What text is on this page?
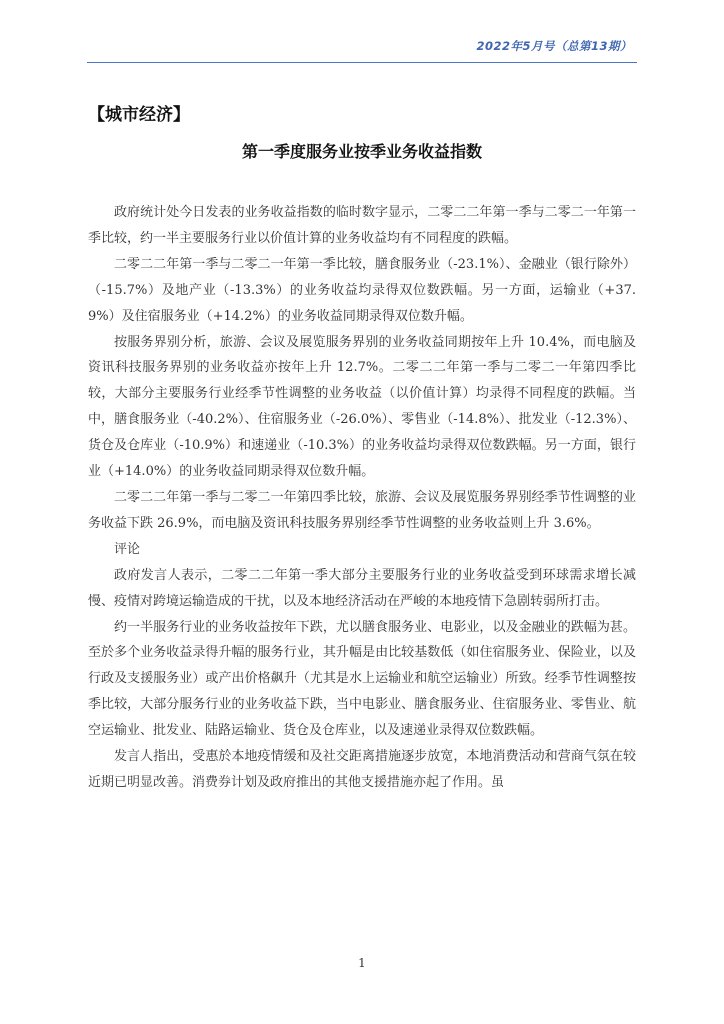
2022年5月号（总第13期）
【城市经济】
第一季度服务业按季业务收益指数

政府统计处今日发表的业务收益指数的临时数字显示，二零二二年第一季与二零二一年第一季比较，约一半主要服务行业以价值计算的业务收益均有不同程度的跌幅。

二零二二年第一季与二零二一年第一季比较，膳食服务业（-23.1%）、金融业（银行除外）（-15.7%）及地产业（-13.3%）的业务收益均录得双位数跌幅。另一方面，运输业（+37.9%）及住宿服务业（+14.2%）的业务收益同期录得双位数升幅。

按服务界别分析，旅游、会议及展览服务界别的业务收益同期按年上升 10.4%，而电脑及资讯科技服务界别的业务收益亦按年上升 12.7%。二零二二年第一季与二零二一年第四季比较，大部分主要服务行业经季节性调整的业务收益（以价值计算）均录得不同程度的跌幅。当中，膳食服务业（-40.2%）、住宿服务业（-26.0%）、零售业（-14.8%）、批发业（-12.3%）、货仓及仓库业（-10.9%）和速递业（-10.3%）的业务收益均录得双位数跌幅。另一方面，银行业（+14.0%）的业务收益同期录得双位数升幅。

二零二二年第一季与二零二一年第四季比较，旅游、会议及展览服务界别经季节性调整的业务收益下跌 26.9%，而电脑及资讯科技服务界别经季节性调整的业务收益则上升 3.6%。

评论

政府发言人表示，二零二二年第一季大部分主要服务行业的业务收益受到环球需求增长减慢、疫情对跨境运输造成的干扰，以及本地经济活动在严峻的本地疫情下急剧转弱所打击。

约一半服务行业的业务收益按年下跌，尤以膳食服务业、电影业，以及金融业的跌幅为甚。至於多个业务收益录得升幅的服务行业，其升幅是由比较基数低（如住宿服务业、保险业，以及行政及支援服务业）或产出价格飙升（尤其是水上运输业和航空运输业）所致。经季节性调整按季比较，大部分服务行业的业务收益下跌，当中电影业、膳食服务业、住宿服务业、零售业、航空运输业、批发业、陆路运输业、货仓及仓库业，以及速递业录得双位数跌幅。

发言人指出，受惠於本地疫情缓和及社交距离措施逐步放宽，本地消费活动和营商气氛在较近期已明显改善。消费券计划及政府推出的其他支援措施亦起了作用。虽

1
